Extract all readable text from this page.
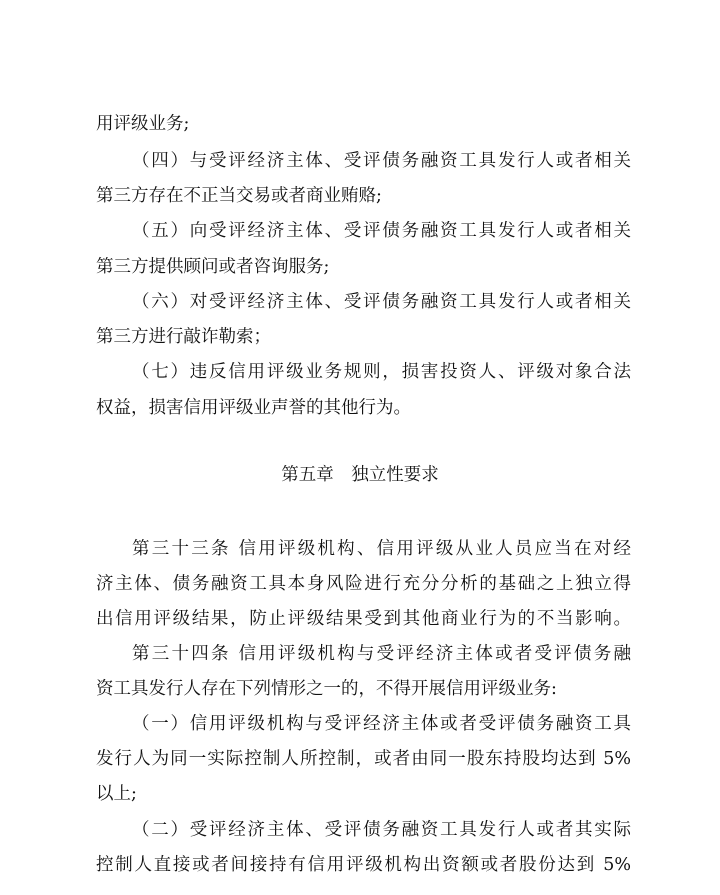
用评级业务;
（四）与受评经济主体、受评债务融资工具发行人或者相关
第三方存在不正当交易或者商业贿赂;
（五）向受评经济主体、受评债务融资工具发行人或者相关
第三方提供顾问或者咨询服务;
（六）对受评经济主体、受评债务融资工具发行人或者相关
第三方进行敲诈勒索；
（七）违反信用评级业务规则，损害投资人、评级对象合法
权益，损害信用评级业声誉的其他行为。
第五章　独立性要求
第三十三条 信用评级机构、信用评级从业人员应当在对经
济主体、债务融资工具本身风险进行充分分析的基础之上独立得
出信用评级结果，防止评级结果受到其他商业行为的不当影响。
第三十四条 信用评级机构与受评经济主体或者受评债务融
资工具发行人存在下列情形之一的，不得开展信用评级业务:
（一）信用评级机构与受评经济主体或者受评债务融资工具
发行人为同一实际控制人所控制，或者由同一股东持股均达到 5%
以上;
（二）受评经济主体、受评债务融资工具发行人或者其实际
控制人直接或者间接持有信用评级机构出资额或者股份达到 5%
